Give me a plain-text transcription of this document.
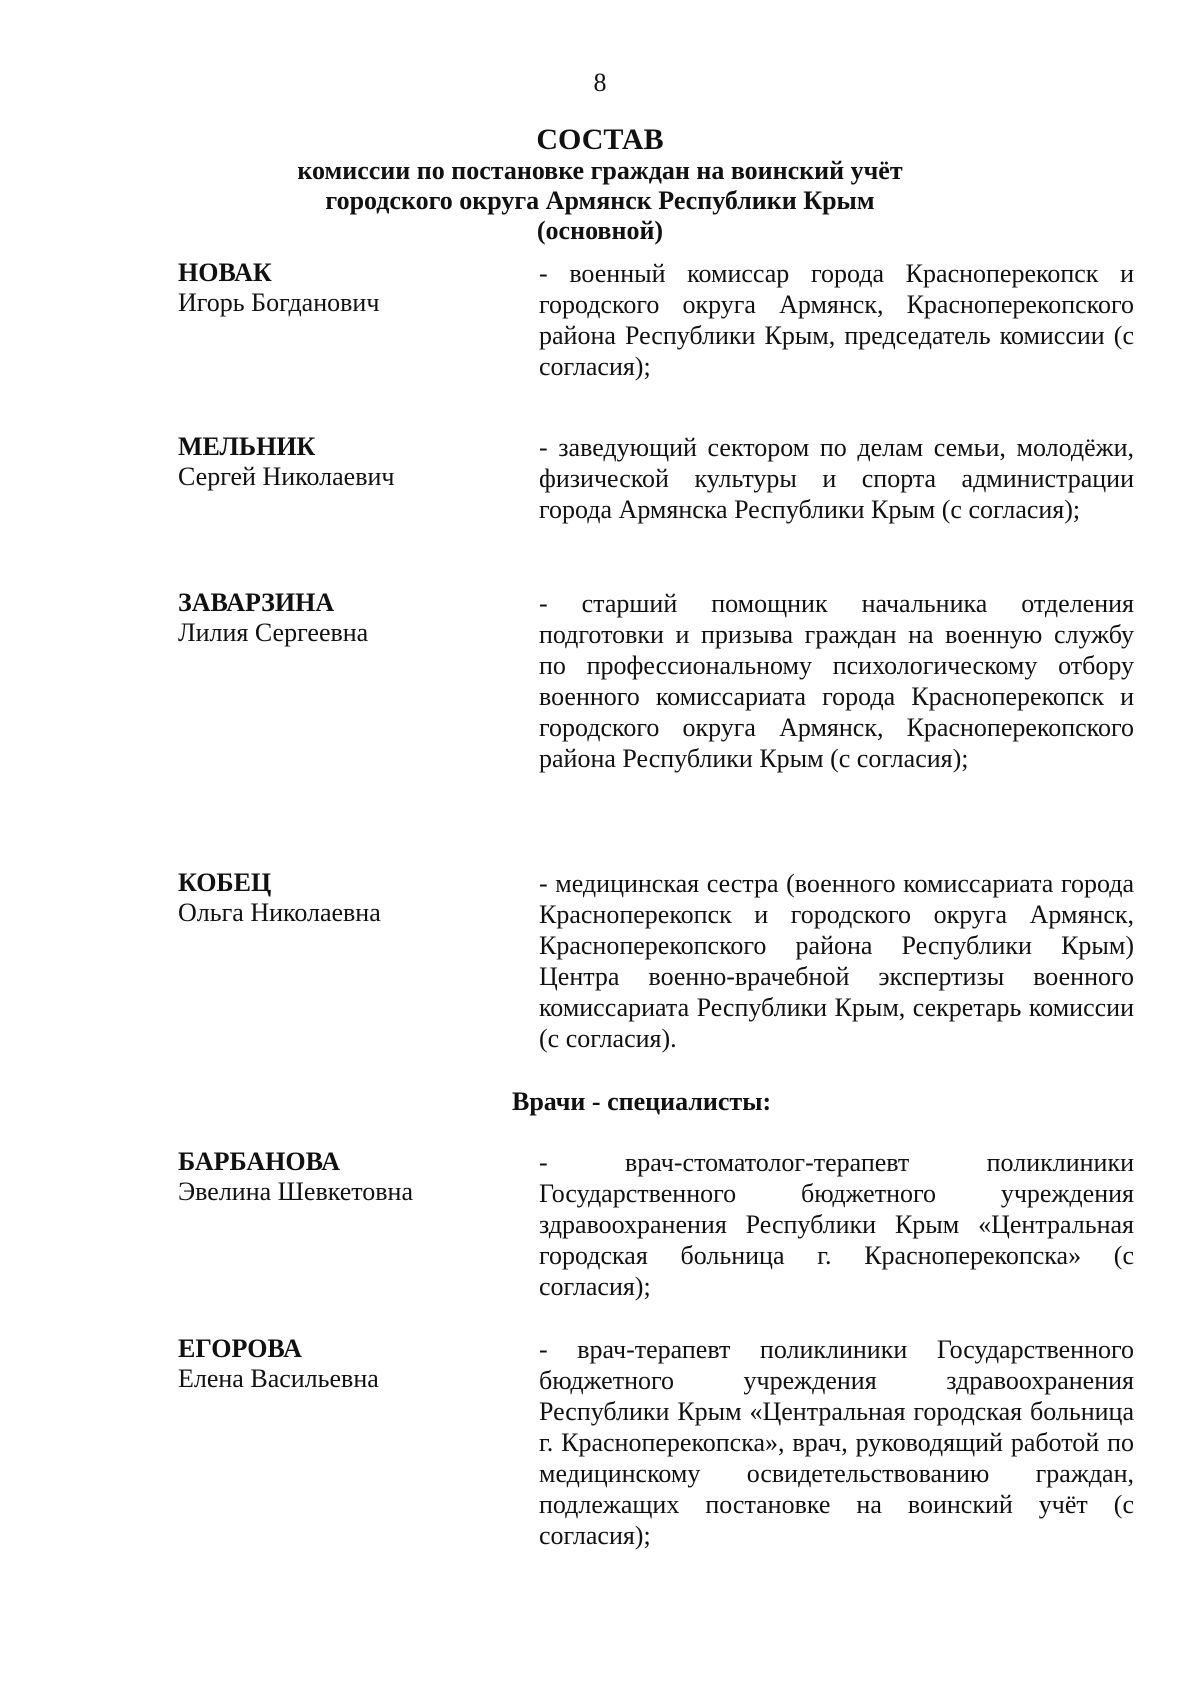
8
СОСТАВ
комиссии по постановке граждан на воинский учёт
городского округа Армянск Республики Крым
(основной)
НОВАК
Игорь Богданович
- военный комиссар города Красноперекопск и городского округа Армянск, Красноперекопского района Республики Крым, председатель комиссии (с согласия);
МЕЛЬНИК
Сергей Николаевич
- заведующий сектором по делам семьи, молодёжи, физической культуры и спорта администрации города Армянска Республики Крым (с согласия);
ЗАВАРЗИНА
Лилия Сергеевна
- старший помощник начальника отделения подготовки и призыва граждан на военную службу по профессиональному психологическому отбору военного комиссариата города Красноперекопск и городского округа Армянск, Красноперекопского района Республики Крым (с согласия);
КОБЕЦ
Ольга Николаевна
- медицинская сестра (военного комиссариата города Красноперекопск и городского округа Армянск, Красноперекопского района Республики Крым) Центра военно-врачебной экспертизы военного комиссариата Республики Крым, секретарь комиссии (с согласия).
Врачи - специалисты:
БАРБАНОВА
Эвелина Шевкетовна
- врач-стоматолог-терапевт поликлиники Государственного бюджетного учреждения здравоохранения Республики Крым «Центральная городская больница г. Красноперекопска» (с согласия);
ЕГОРОВА
Елена Васильевна
- врач-терапевт поликлиники Государственного бюджетного учреждения здравоохранения Республики Крым «Центральная городская больница г. Красноперекопска», врач, руководящий работой по медицинскому освидетельствованию граждан, подлежащих постановке на воинский учёт (с согласия);
